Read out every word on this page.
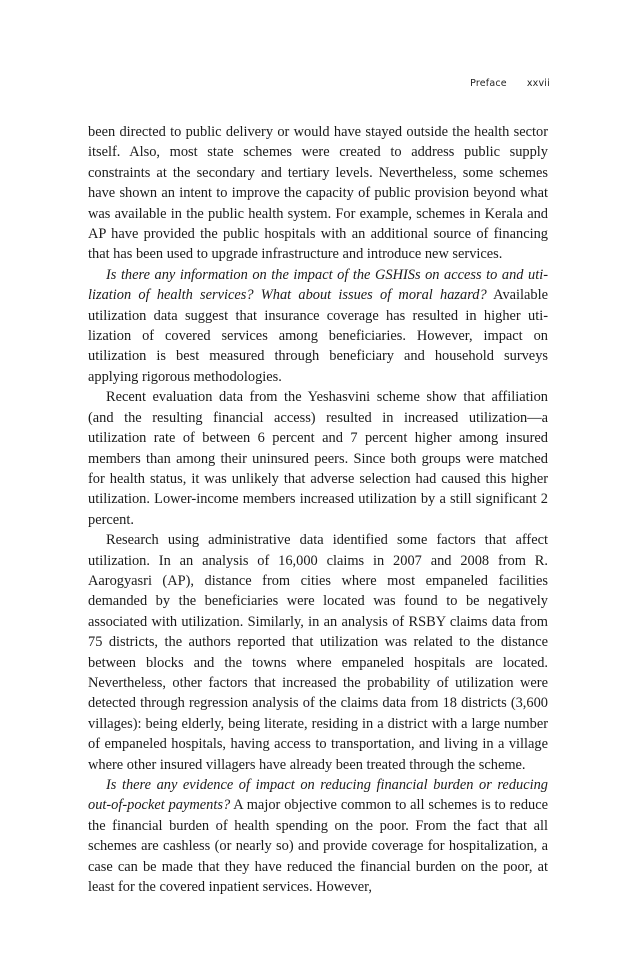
Preface xxvii

been directed to public delivery or would have stayed outside the health sector itself. Also, most state schemes were created to address public supply constraints at the secondary and tertiary levels. Nevertheless, some schemes have shown an intent to improve the capacity of public provision beyond what was available in the public health system. For example, schemes in Kerala and AP have provided the public hospitals with an additional source of financing that has been used to upgrade infrastructure and introduce new services.

Is there any information on the impact of the GSHISs on access to and utilization of health services? What about issues of moral hazard? Available utilization data suggest that insurance coverage has resulted in higher utilization of covered services among beneficiaries. However, impact on utilization is best measured through beneficiary and household surveys applying rigorous methodologies.

Recent evaluation data from the Yeshasvini scheme show that affiliation (and the resulting financial access) resulted in increased utilization—a utilization rate of between 6 percent and 7 percent higher among insured members than among their uninsured peers. Since both groups were matched for health status, it was unlikely that adverse selection had caused this higher utilization. Lower-income members increased utilization by a still significant 2 percent.

Research using administrative data identified some factors that affect utilization. In an analysis of 16,000 claims in 2007 and 2008 from R. Aarogyasri (AP), distance from cities where most empaneled facilities demanded by the beneficiaries were located was found to be negatively associated with utilization. Similarly, in an analysis of RSBY claims data from 75 districts, the authors reported that utilization was related to the distance between blocks and the towns where empaneled hospitals are located. Nevertheless, other factors that increased the probability of utilization were detected through regression analysis of the claims data from 18 districts (3,600 villages): being elderly, being literate, residing in a district with a large number of empaneled hospitals, having access to transportation, and living in a village where other insured villagers have already been treated through the scheme.

Is there any evidence of impact on reducing financial burden or reducing out-of-pocket payments? A major objective common to all schemes is to reduce the financial burden of health spending on the poor. From the fact that all schemes are cashless (or nearly so) and provide coverage for hospitalization, a case can be made that they have reduced the financial burden on the poor, at least for the covered inpatient services. However,
